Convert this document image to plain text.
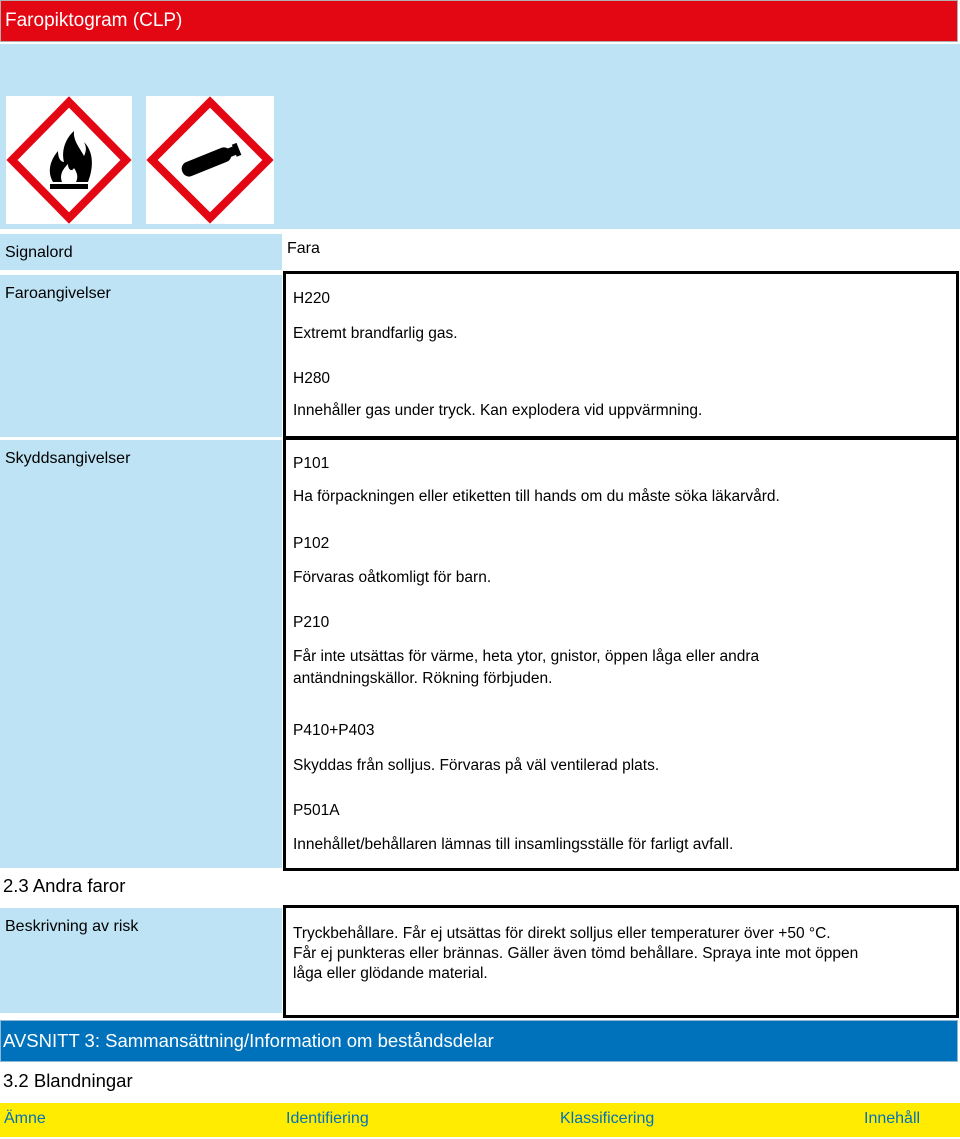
Faropiktogram (CLP)
Signalord	Fara
Faroangivelser	H220
Extremt brandfarlig gas.
H280
Innehåller gas under tryck. Kan explodera vid uppvärmning.
Skyddsangivelser	P101
Ha förpackningen eller etiketten till hands om du måste söka läkarvård.
P102
Förvaras oåtkomligt för barn.
P210
Får inte utsättas för värme, heta ytor, gnistor, öppen låga eller andra
antändningskällor. Rökning förbjuden.
P410+P403
Skyddas från solljus. Förvaras på väl ventilerad plats.
P501A
Innehållet/behållaren lämnas till insamlingsställe för farligt avfall.
2.3 Andra faror
Beskrivning av risk	Tryckbehållare. Får ej utsättas för direkt solljus eller temperaturer över +50 °C.
Får ej punkteras eller brännas. Gäller även tömd behållare. Spraya inte mot öppen
låga eller glödande material.
AVSNITT 3: Sammansättning/Information om beståndsdelar
3.2 Blandningar
Ämne	Identifiering	Klassificering	Innehåll
